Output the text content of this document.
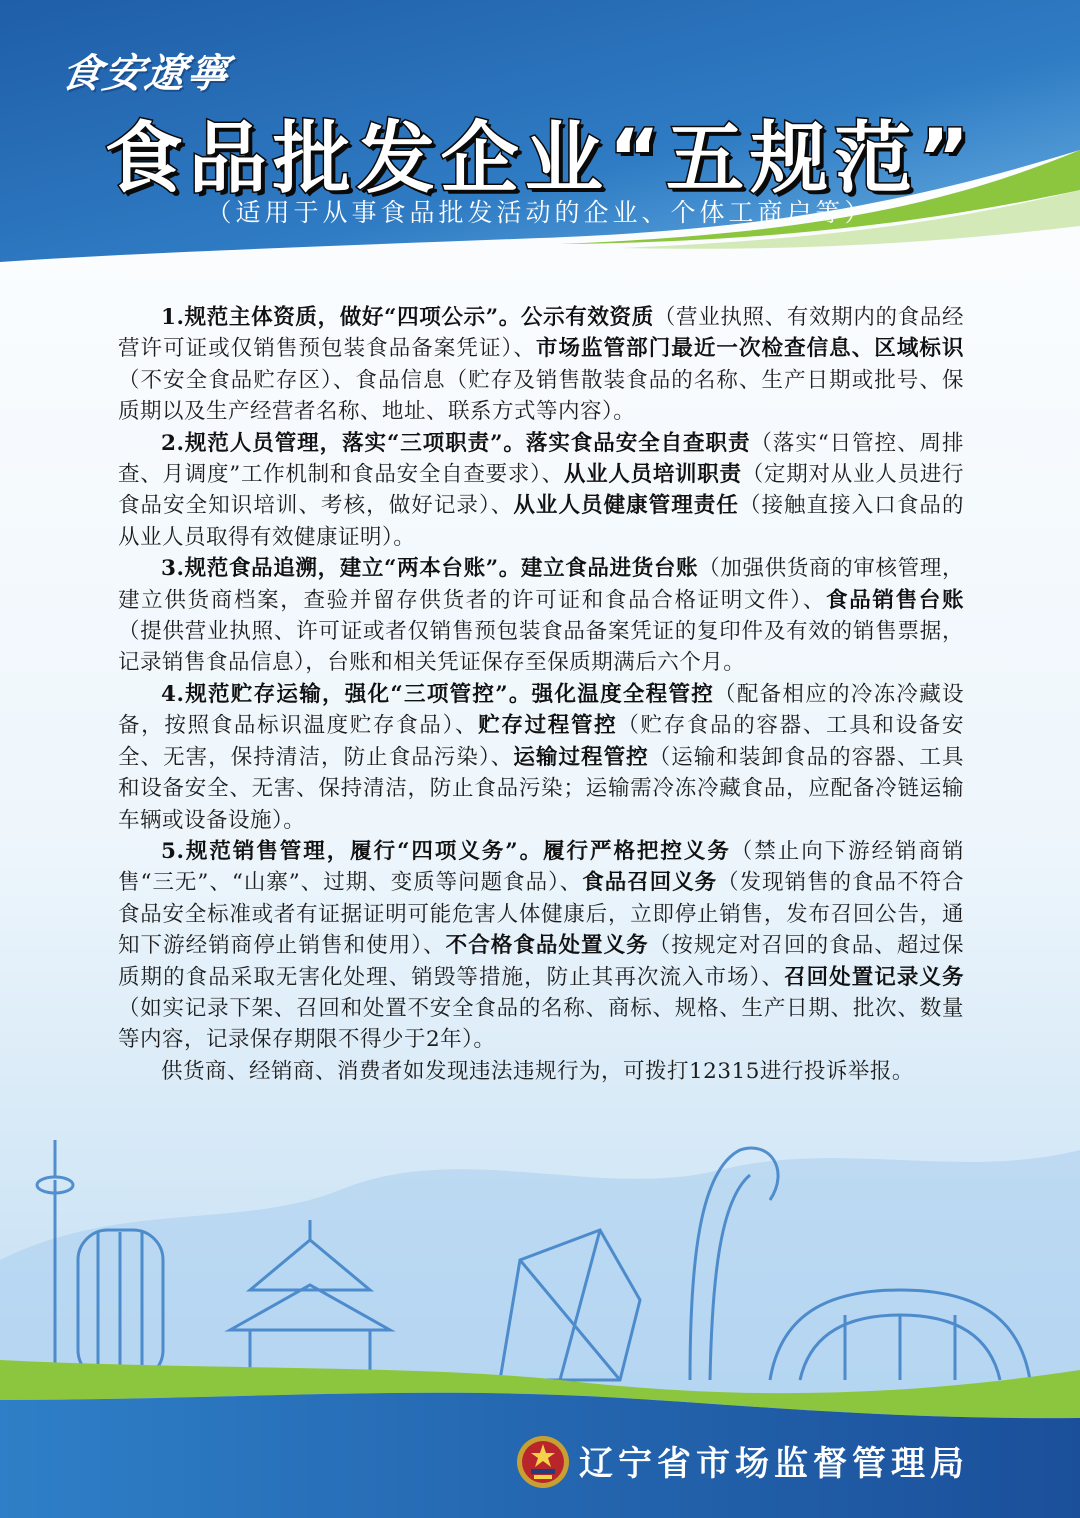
食安遼寧
食品批发企业“五规范”
（适用于从事食品批发活动的企业、个体工商户等）

1.规范主体资质，做好“四项公示”。公示有效资质（营业执照、有效期内的食品经营许可证或仅销售预包装食品备案凭证）、市场监管部门最近一次检查信息、区域标识（不安全食品贮存区）、食品信息（贮存及销售散装食品的名称、生产日期或批号、保质期以及生产经营者名称、地址、联系方式等内容）。

2.规范人员管理，落实“三项职责”。落实食品安全自查职责（落实“日管控、周排查、月调度”工作机制和食品安全自查要求）、从业人员培训职责（定期对从业人员进行食品安全知识培训、考核，做好记录）、从业人员健康管理责任（接触直接入口食品的从业人员取得有效健康证明）。

3.规范食品追溯，建立“两本台账”。建立食品进货台账（加强供货商的审核管理，建立供货商档案，查验并留存供货者的许可证和食品合格证明文件）、食品销售台账（提供营业执照、许可证或者仅销售预包装食品备案凭证的复印件及有效的销售票据，记录销售食品信息），台账和相关凭证保存至保质期满后六个月。

4.规范贮存运输，强化“三项管控”。强化温度全程管控（配备相应的冷冻冷藏设备，按照食品标识温度贮存食品）、贮存过程管控（贮存食品的容器、工具和设备安全、无害，保持清洁，防止食品污染）、运输过程管控（运输和装卸食品的容器、工具和设备安全、无害、保持清洁，防止食品污染；运输需冷冻冷藏食品，应配备冷链运输车辆或设备设施）。

5.规范销售管理，履行“四项义务”。履行严格把控义务（禁止向下游经销商销售“三无”、“山寨”、过期、变质等问题食品）、食品召回义务（发现销售的食品不符合食品安全标准或者有证据证明可能危害人体健康后，立即停止销售，发布召回公告，通知下游经销商停止销售和使用）、不合格食品处置义务（按规定对召回的食品、超过保质期的食品采取无害化处理、销毁等措施，防止其再次流入市场）、召回处置记录义务（如实记录下架、召回和处置不安全食品的名称、商标、规格、生产日期、批次、数量等内容，记录保存期限不得少于2年）。

供货商、经销商、消费者如发现违法违规行为，可拨打12315进行投诉举报。

辽宁省市场监督管理局
